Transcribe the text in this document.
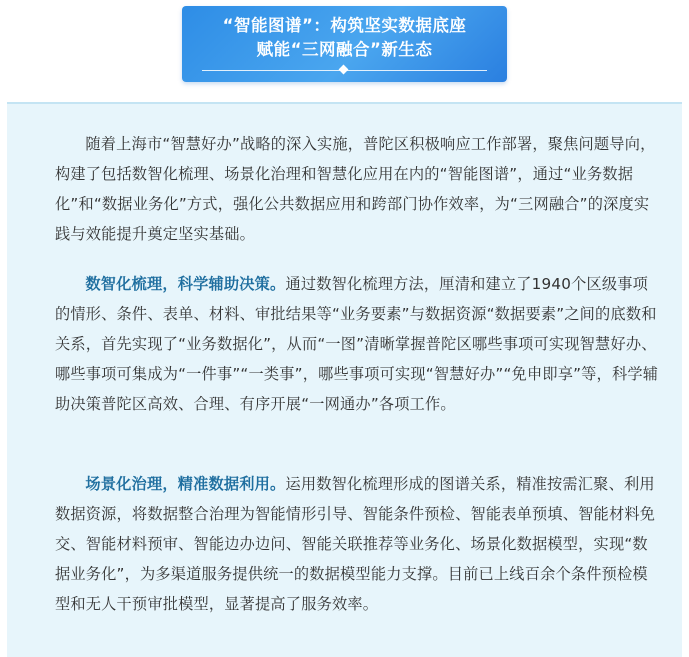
“智能图谱”：构筑坚实数据底座
赋能“三网融合”新生态

随着上海市“智慧好办”战略的深入实施，普陀区积极响应工作部署，聚焦问题导向，构建了包括数智化梳理、场景化治理和智慧化应用在内的“智能图谱”，通过“业务数据化”和“数据业务化”方式，强化公共数据应用和跨部门协作效率，为“三网融合”的深度实践与效能提升奠定坚实基础。

数智化梳理，科学辅助决策。通过数智化梳理方法，厘清和建立了1940个区级事项的情形、条件、表单、材料、审批结果等“业务要素”与数据资源“数据要素”之间的底数和关系，首先实现了“业务数据化”，从而“一图”清晰掌握普陀区哪些事项可实现智慧好办、哪些事项可集成为“一件事”“一类事”，哪些事项可实现“智慧好办”“免申即享”等，科学辅助决策普陀区高效、合理、有序开展“一网通办”各项工作。

场景化治理，精准数据利用。运用数智化梳理形成的图谱关系，精准按需汇聚、利用数据资源，将数据整合治理为智能情形引导、智能条件预检、智能表单预填、智能材料免交、智能材料预审、智能边办边问、智能关联推荐等业务化、场景化数据模型，实现“数据业务化”，为多渠道服务提供统一的数据模型能力支撑。目前已上线百余个条件预检模型和无人干预审批模型，显著提高了服务效率。
